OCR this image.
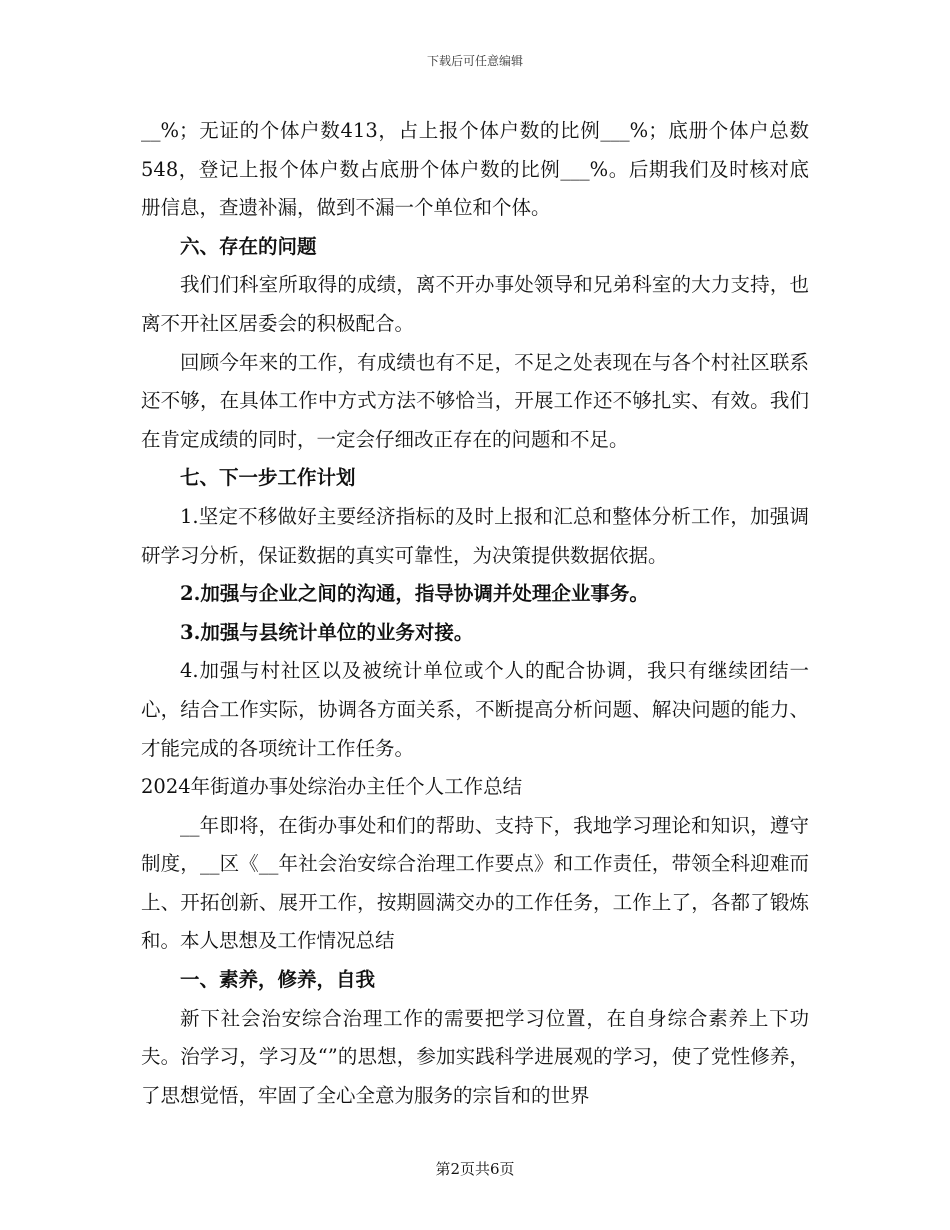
下载后可任意编辑

__%；无证的个体户数413，占上报个体户数的比例___%；底册个体户总数548，登记上报个体户数占底册个体户数的比例___%。后期我们及时核对底册信息，查遗补漏，做到不漏一个单位和个体。

六、存在的问题

我们们科室所取得的成绩，离不开办事处领导和兄弟科室的大力支持，也离不开社区居委会的积极配合。

回顾今年来的工作，有成绩也有不足，不足之处表现在与各个村社区联系还不够，在具体工作中方式方法不够恰当，开展工作还不够扎实、有效。我们在肯定成绩的同时，一定会仔细改正存在的问题和不足。

七、下一步工作计划

1.坚定不移做好主要经济指标的及时上报和汇总和整体分析工作，加强调研学习分析，保证数据的真实可靠性，为决策提供数据依据。

2.加强与企业之间的沟通，指导协调并处理企业事务。

3.加强与县统计单位的业务对接。

4.加强与村社区以及被统计单位或个人的配合协调，我只有继续团结一心，结合工作实际，协调各方面关系，不断提高分析问题、解决问题的能力、才能完成的各项统计工作任务。

2024年街道办事处综治办主任个人工作总结

__年即将，在街办事处和们的帮助、支持下，我地学习理论和知识，遵守制度，__区《__年社会治安综合治理工作要点》和工作责任，带领全科迎难而上、开拓创新、展开工作，按期圆满交办的工作任务，工作上了，各都了锻炼和。本人思想及工作情况总结

一、素养，修养，自我

新下社会治安综合治理工作的需要把学习位置，在自身综合素养上下功夫。治学习，学习及“”的思想，参加实践科学进展观的学习，使了党性修养，了思想觉悟，牢固了全心全意为服务的宗旨和的世界

第2页共6页
